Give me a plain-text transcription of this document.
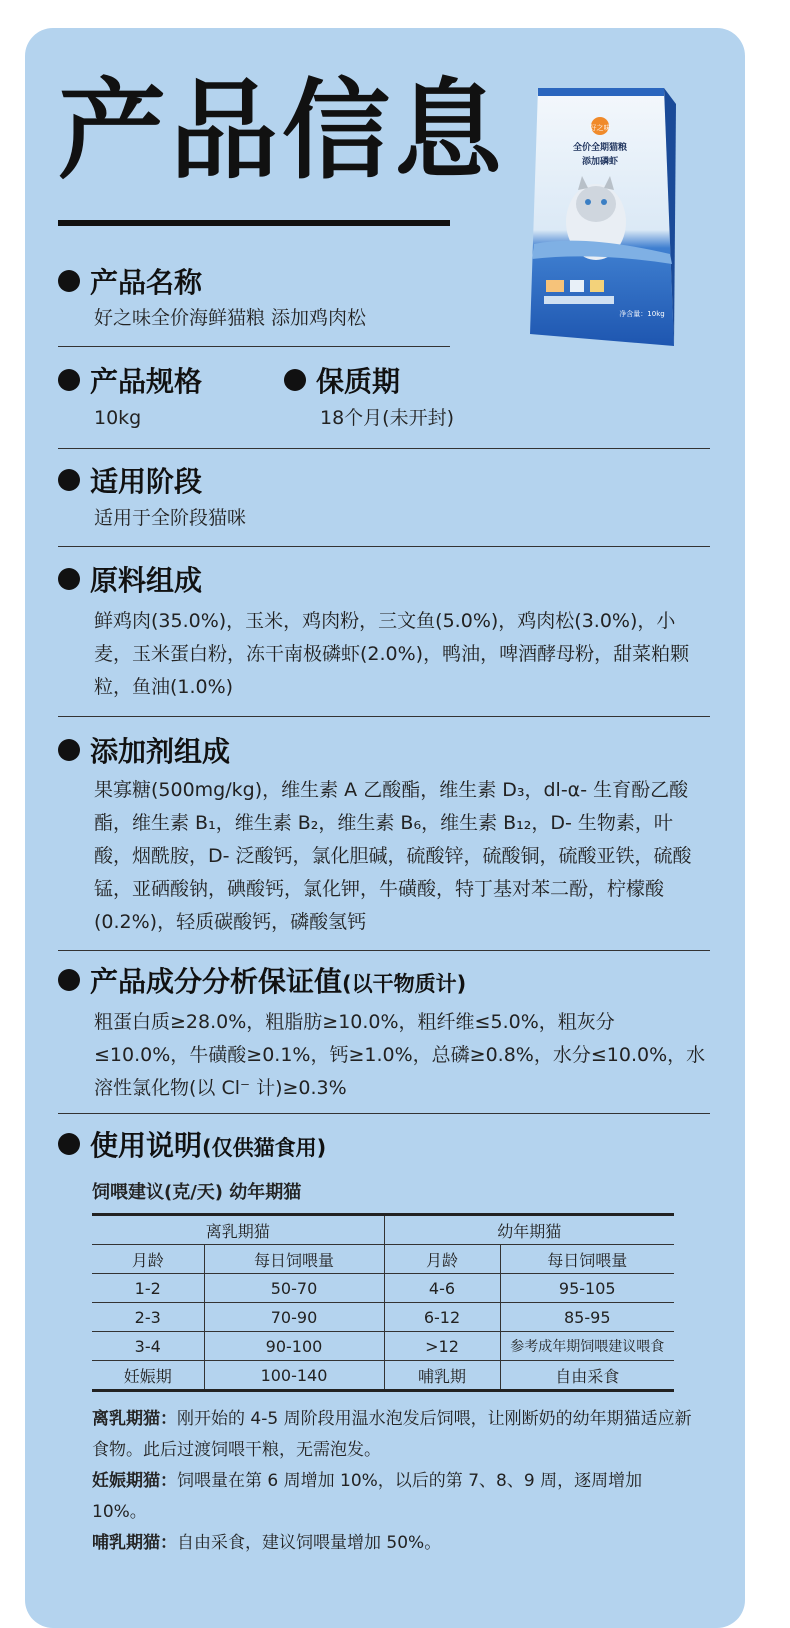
产品信息	好之味
全价全期猫粮
添加磷虾
净含量：10kg
产品名称
好之味全价海鲜猫粮 添加鸡肉松
产品规格
10kg
保质期
18个月(未开封)
适用阶段
适用于全阶段猫咪
原料组成
鲜鸡肉(35.0%)，玉米，鸡肉粉，三文鱼(5.0%)，鸡肉松(3.0%)，小麦，玉米蛋白粉，冻干南极磷虾(2.0%)，鸭油，啤酒酵母粉，甜菜粕颗粒，鱼油(1.0%)
添加剂组成
果寡糖(500mg/kg)，维生素 A 乙酸酯，维生素 D₃，dl-α- 生育酚乙酸酯，维生素 B₁，维生素 B₂，维生素 B₆，维生素 B₁₂，D- 生物素，叶酸，烟酰胺，D- 泛酸钙，氯化胆碱，硫酸锌，硫酸铜，硫酸亚铁，硫酸锰，亚硒酸钠，碘酸钙，氯化钾，牛磺酸，特丁基对苯二酚，柠檬酸(0.2%)，轻质碳酸钙，磷酸氢钙
产品成分分析保证值(以干物质计)
粗蛋白质≥28.0%，粗脂肪≥10.0%，粗纤维≤5.0%，粗灰分≤10.0%，牛磺酸≥0.1%，钙≥1.0%，总磷≥0.8%，水分≤10.0%，水溶性氯化物(以 Cl⁻ 计)≥0.3%
使用说明(仅供猫食用)
饲喂建议(克/天) 幼年期猫
离乳期猫		幼年期猫	
月龄	每日饲喂量	月龄	每日饲喂量
1-2	50-70	4-6	95-105
2-3	70-90	6-12	85-95
3-4	90-100	>12	参考成年期饲喂建议喂食
妊娠期	100-140	哺乳期	自由采食
离乳期猫：刚开始的 4-5 周阶段用温水泡发后饲喂，让刚断奶的幼年期猫适应新食物。此后过渡饲喂干粮，无需泡发。
妊娠期猫：饲喂量在第 6 周增加 10%，以后的第 7、8、9 周，逐周增加 10%。
哺乳期猫：自由采食，建议饲喂量增加 50%。
